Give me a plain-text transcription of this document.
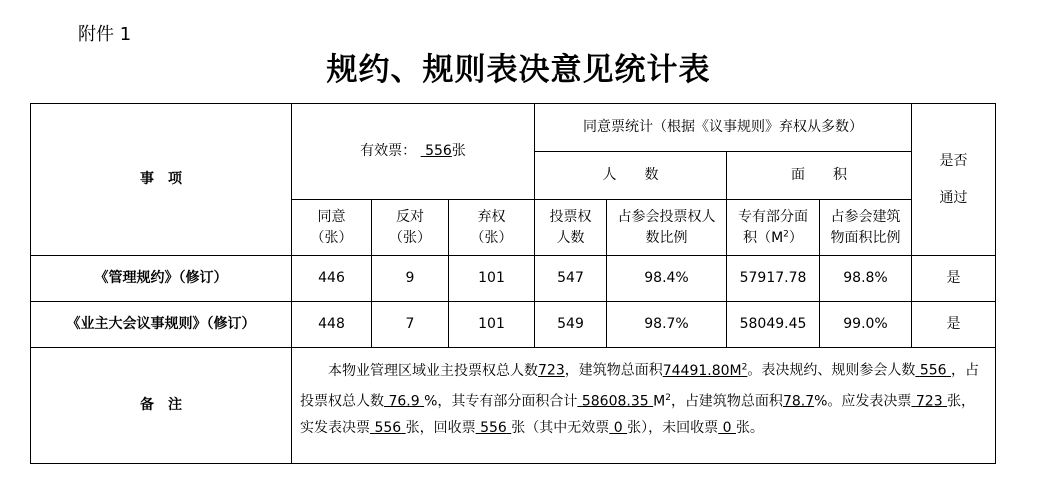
附件 1
规约、规则表决意见统计表
事　项	有效票： 556张			同意票统计（根据《议事规则》弃权从多数）				是否通过

				人　　数		面　　积		

	同意（张）	反对（张）	弃权（张）	投票权人数	占参会投票权人数比例	专有部分面积$(M^2)$	占参会建筑物面积比例	

《管理规约》（修订）	446	9	101	547	98.4%	57917.78	98.8%	是
《业主大会议事规则》（修订）	448	7	101	549	98.7%	58049.45	99.0%	是
备　注	本物业管理区域业主投票权总人数723，建筑物总面积$74491.80M^2$。表决规约、规则参会人数 556 ，占投票权总人数 76.9 %，其专有部分面积合计 58608.35 $M^2$，占建筑物总面积78.7%。应发表决票 723 张，实发表决票 556 张，回收票 556 张（其中无效票 0 张），未回收票 0 张。							
